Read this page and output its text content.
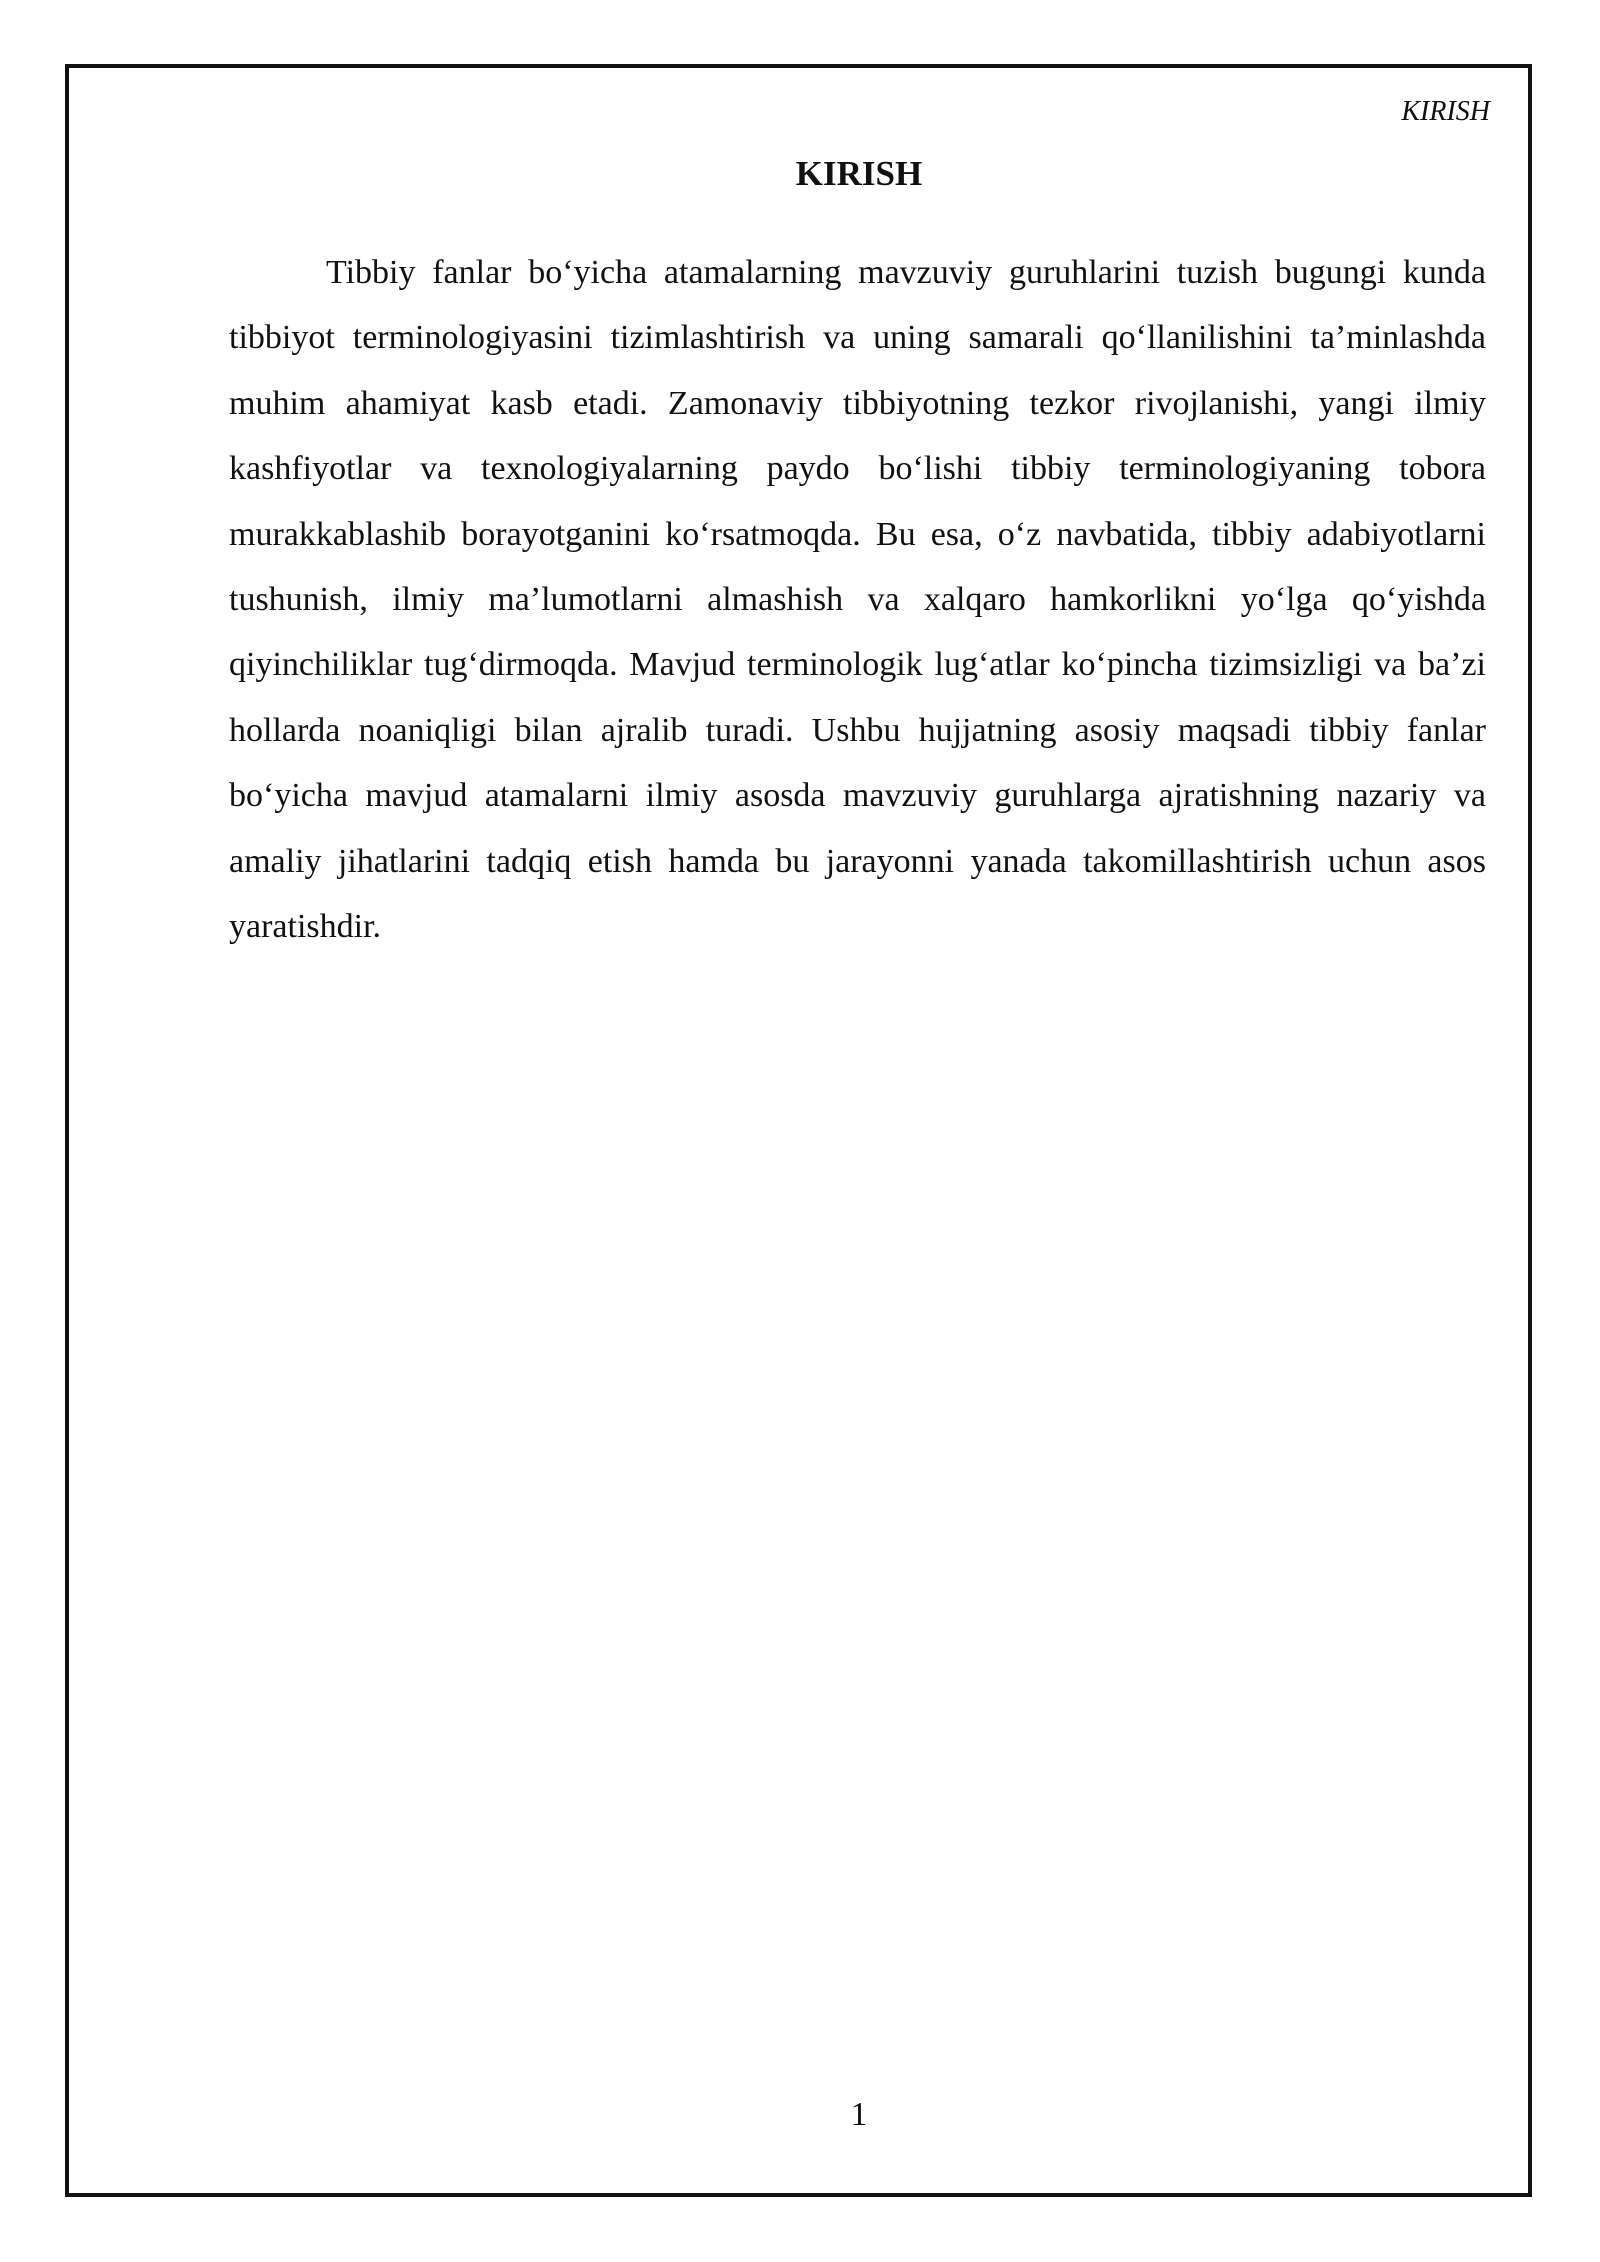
KIRISH
KIRISH

Tibbiy fanlar bo‘yicha atamalarning mavzuviy guruhlarini tuzish bugungi kunda tibbiyot terminologiyasini tizimlashtirish va uning samarali qo‘llanilishini ta’minlashda muhim ahamiyat kasb etadi. Zamonaviy tibbiyotning tezkor rivojlanishi, yangi ilmiy kashfiyotlar va texnologiyalarning paydo bo‘lishi tibbiy terminologiyaning tobora murakkablashib borayotganini ko‘rsatmoqda. Bu esa, o‘z navbatida, tibbiy adabiyotlarni tushunish, ilmiy ma’lumotlarni almashish va xalqaro hamkorlikni yo‘lga qo‘yishda qiyinchiliklar tug‘dirmoqda. Mavjud terminologik lug‘atlar ko‘pincha tizimsizligi va ba’zi hollarda noaniqligi bilan ajralib turadi. Ushbu hujjatning asosiy maqsadi tibbiy fanlar bo‘yicha mavjud atamalarni ilmiy asosda mavzuviy guruhlarga ajratishning nazariy va amaliy jihatlarini tadqiq etish hamda bu jarayonni yanada takomillashtirish uchun asos yaratishdir.

1
